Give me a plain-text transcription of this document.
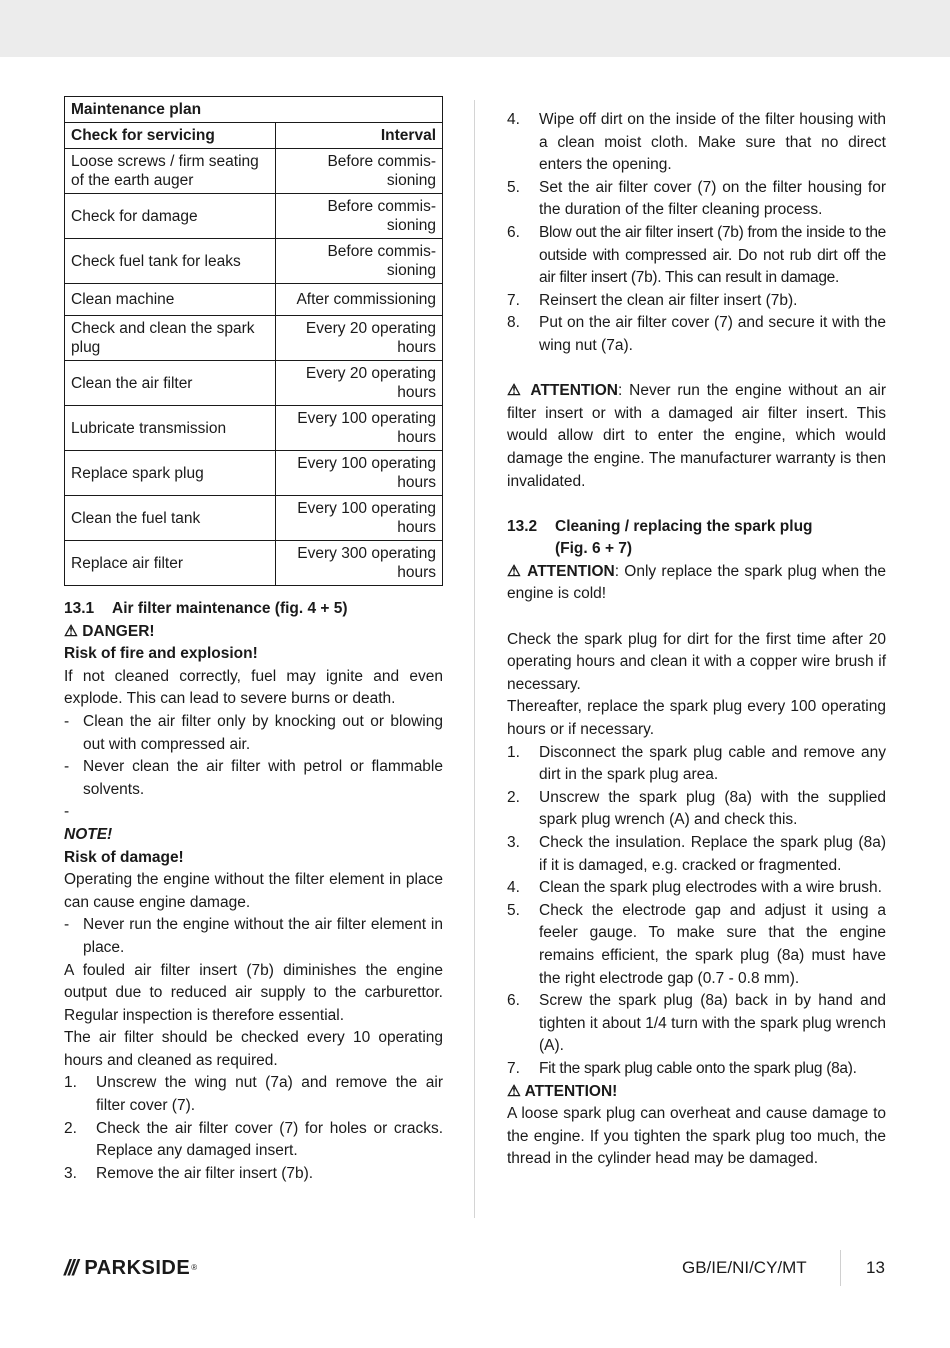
Maintenance plan	
Check for servicing	Interval
Loose screws / firm seating of the earth auger	Before commis-sioning
Check for damage	Before commis-sioning
Check fuel tank for leaks	Before commis-sioning
Clean machine	After commissioning
Check and clean the spark plug	Every 20 operating hours
Clean the air filter	Every 20 operating hours
Lubricate transmission	Every 100 operating hours
Replace spark plug	Every 100 operating hours
Clean the fuel tank	Every 100 operating hours
Replace air filter	Every 300 operating hours

13.1 Air filter maintenance (fig. 4 + 5)

⚠ DANGER!

Risk of fire and explosion!

If not cleaned correctly, fuel may ignite and even explode. This can lead to severe burns or death.

- Clean the air filter only by knocking out or blowing out with compressed air.
- Never clean the air filter with petrol or flammable solvents.
-

NOTE!

Risk of damage!

Operating the engine without the filter element in place can cause engine damage.

- Never run the engine without the air filter element in place.

A fouled air filter insert (7b) diminishes the engine output due to reduced air supply to the carburettor. Regular inspection is therefore essential.

The air filter should be checked every 10 operating hours and cleaned as required.

1.	Unscrew the wing nut (7a) and remove the air filter cover (7).
2.	Check the air filter cover (7) for holes or cracks. Replace any damaged insert.
3.	Remove the air filter insert (7b).
4.	Wipe off dirt on the inside of the filter housing with a clean moist cloth. Make sure that no direct enters the opening.
5.	Set the air filter cover (7) on the filter housing for the duration of the filter cleaning process.
6.	Blow out the air filter insert (7b) from the inside to the outside with compressed air. Do not rub dirt off the air filter insert (7b). This can result in damage.
7.	Reinsert the clean air filter insert (7b).
8.	Put on the air filter cover (7) and secure it with the wing nut (7a).

⚠ ATTENTION: Never run the engine without an air filter insert or with a damaged air filter insert. This would allow dirt to enter the engine, which would damage the engine. The manufacturer warranty is then invalidated.

13.2 Cleaning / replacing the spark plug
(Fig. 6 + 7)

⚠ ATTENTION: Only replace the spark plug when the engine is cold!

Check the spark plug for dirt for the first time after 20 operating hours and clean it with a copper wire brush if necessary.

Thereafter, replace the spark plug every 100 operating hours or if necessary.

1.	Disconnect the spark plug cable and remove any dirt in the spark plug area.
2.	Unscrew the spark plug (8a) with the supplied spark plug wrench (A) and check this.
3.	Check the insulation. Replace the spark plug (8a) if it is damaged, e.g. cracked or fragmented.
4.	Clean the spark plug electrodes with a wire brush.
5.	Check the electrode gap and adjust it using a feeler gauge. To make sure that the engine remains efficient, the spark plug (8a) must have the right electrode gap (0.7 - 0.8 mm).
6.	Screw the spark plug (8a) back in by hand and tighten it about 1/4 turn with the spark plug wrench (A).
7.	Fit the spark plug cable onto the spark plug (8a).

⚠ ATTENTION!

A loose spark plug can overheat and cause damage to the engine. If you tighten the spark plug too much, the thread in the cylinder head may be damaged.

/// PARKSIDE ®	GB/IE/NI/CY/MT	13
